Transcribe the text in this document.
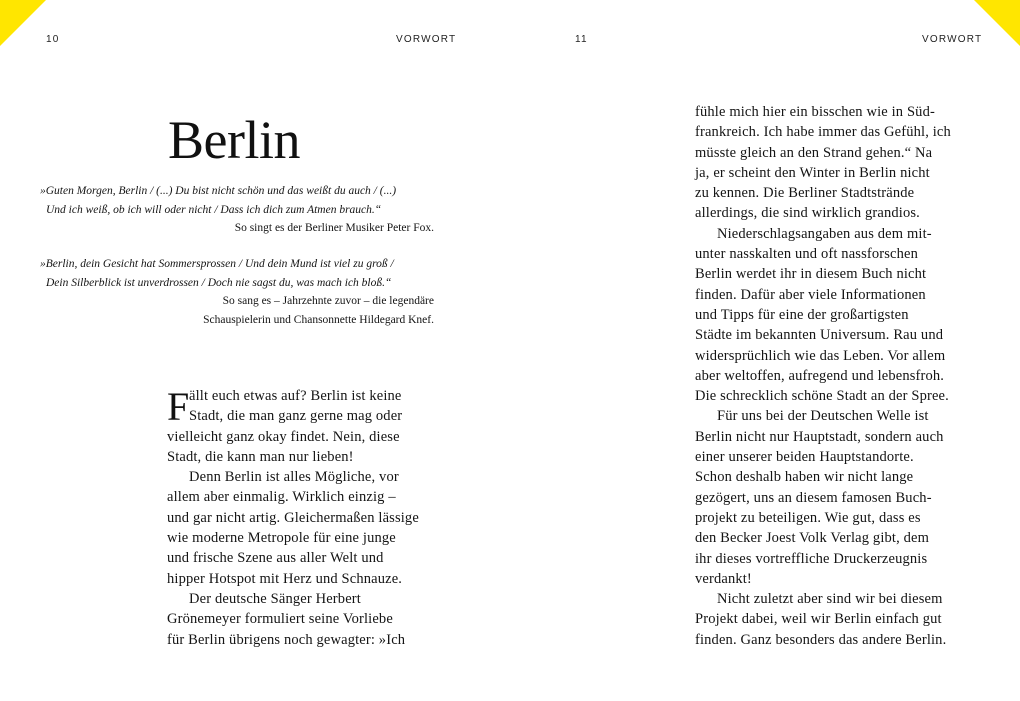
10	VORWORT	11	VORWORT
Berlin
»Guten Morgen, Berlin / (...) Du bist nicht schön und das weißt du auch / (...)
Und ich weiß, ob ich will oder nicht / Dass ich dich zum Atmen brauch.“
So singt es der Berliner Musiker Peter Fox.
»Berlin, dein Gesicht hat Sommersprossen / Und dein Mund ist viel zu groß /
Dein Silberblick ist unverdrossen / Doch nie sagst du, was mach ich bloß.“
So sang es – Jahrzehnte zuvor – die legendäre
Schauspielerin und Chansonnette Hildegard Knef.
F ällt euch etwas auf? Berlin ist keine
Stadt, die man ganz gerne mag oder
vielleicht ganz okay findet. Nein, diese
Stadt, die kann man nur lieben!
Denn Berlin ist alles Mögliche, vor
allem aber einmalig. Wirklich einzig –
und gar nicht artig. Gleichermaßen lässige
wie moderne Metropole für eine junge
und frische Szene aus aller Welt und
hipper Hotspot mit Herz und Schnauze.
Der deutsche Sänger Herbert
Grönemeyer formuliert seine Vorliebe
für Berlin übrigens noch gewagter: »Ich
fühle mich hier ein bisschen wie in Süd-
frankreich. Ich habe immer das Gefühl, ich
müsste gleich an den Strand gehen.“ Na
ja, er scheint den Winter in Berlin nicht
zu kennen. Die Berliner Stadtstrände
allerdings, die sind wirklich grandios.
Niederschlagsangaben aus dem mit-
unter nasskalten und oft nassforschen
Berlin werdet ihr in diesem Buch nicht
finden. Dafür aber viele Informationen
und Tipps für eine der großartigsten
Städte im bekannten Universum. Rau und
widersprüchlich wie das Leben. Vor allem
aber weltoffen, aufregend und lebensfroh.
Die schrecklich schöne Stadt an der Spree.
Für uns bei der Deutschen Welle ist
Berlin nicht nur Hauptstadt, sondern auch
einer unserer beiden Hauptstandorte.
Schon deshalb haben wir nicht lange
gezögert, uns an diesem famosen Buch-
projekt zu beteiligen. Wie gut, dass es
den Becker Joest Volk Verlag gibt, dem
ihr dieses vortreffliche Druckerzeugnis
verdankt!
Nicht zuletzt aber sind wir bei diesem
Projekt dabei, weil wir Berlin einfach gut
finden. Ganz besonders das andere Berlin.
